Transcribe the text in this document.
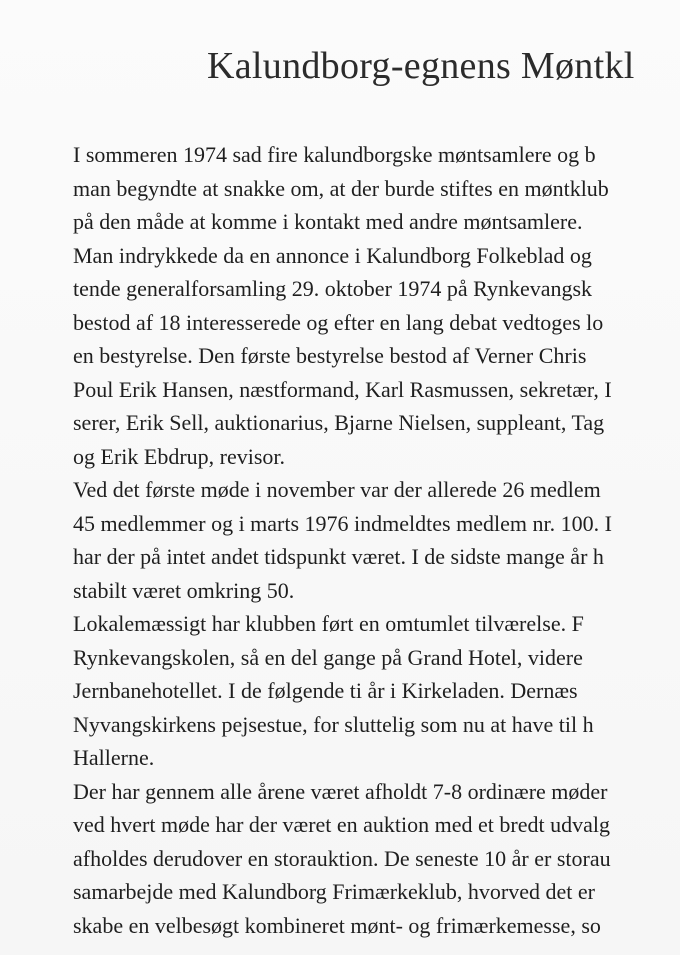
Kalundborg-egnens Møntkl
I sommeren 1974 sad fire kalundborgske møntsamlere og b
man begyndte at snakke om, at der burde stiftes en møntklub
på den måde at komme i kontakt med andre møntsamlere.
Man indrykkede da en annonce i Kalundborg Folkeblad og
tende generalforsamling 29. oktober 1974 på Rynkevangsk
bestod af 18 interesserede og efter en lang debat vedtoges lo
en bestyrelse. Den første bestyrelse bestod af Verner Chris
Poul Erik Hansen, næstformand, Karl Rasmussen, sekretær, I
serer, Erik Sell, auktionarius, Bjarne Nielsen, suppleant, Tag
og Erik Ebdrup, revisor.
Ved det første møde i november var der allerede 26 medlem
45 medlemmer og i marts 1976 indmeldtes medlem nr. 100. I
har der på intet andet tidspunkt været. I de sidste mange år h
stabilt været omkring 50.
Lokalemæssigt har klubben ført en omtumlet tilværelse. F
Rynkevangskolen, så en del gange på Grand Hotel, videre
Jernbanehotellet. I de følgende ti år i Kirkeladen. Dernæs
Nyvangskirkens pejsestue, for sluttelig som nu at have til h
Hallerne.
Der har gennem alle årene været afholdt 7-8 ordinære møder
ved hvert møde har der været en auktion med et bredt udvalg
afholdes derudover en storauktion. De seneste 10 år er storau
samarbejde med Kalundborg Frimærkeklub, hvorved det er
skabe en velbesøgt kombineret mønt- og frimærkemesse, so
